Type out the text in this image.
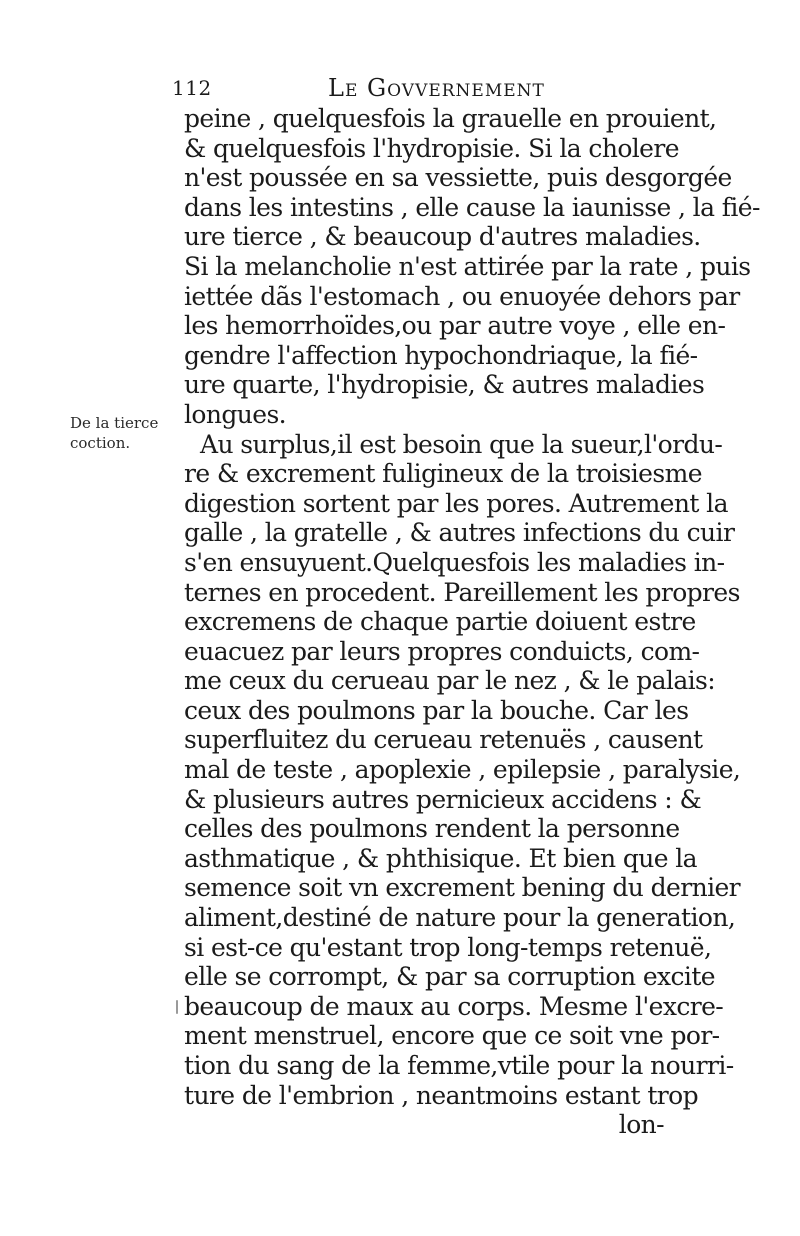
112	Le Govvernement
De la tierce
coction.
peine , quelquesfois la grauelle en prouient,
& quelquesfois l'hydropisie. Si la cholere
n'est poussée en sa vessiette, puis desgorgée
dans les intestins , elle cause la iaunisse , la fié-
ure tierce , & beaucoup d'autres maladies.
Si la melancholie n'est attirée par la rate , puis
iettée dãs l'estomach , ou enuoyée dehors par
les hemorrhoïdes,ou par autre voye , elle en-
gendre l'affection hypochondriaque, la fié-
ure quarte, l'hydropisie, & autres maladies
longues.
Au surplus,il est besoin que la sueur,l'ordu-
re & excrement fuligineux de la troisiesme
digestion sortent par les pores. Autrement la
galle , la gratelle , & autres infections du cuir
s'en ensuyuent.Quelquesfois les maladies in-
ternes en procedent. Pareillement les propres
excremens de chaque partie doiuent estre
euacuez par leurs propres conduicts, com-
me ceux du cerueau par le nez , & le palais:
ceux des poulmons par la bouche. Car les
superfluitez du cerueau retenuës , causent
mal de teste , apoplexie , epilepsie , paralysie,
& plusieurs autres pernicieux accidens : &
celles des poulmons rendent la personne
asthmatique , & phthisique. Et bien que la
semence soit vn excrement bening du dernier
aliment,destiné de nature pour la generation,
si est-ce qu'estant trop long-temps retenuë,
elle se corrompt, & par sa corruption excite
beaucoup de maux au corps. Mesme l'excre-
ment menstruel, encore que ce soit vne por-
tion du sang de la femme,vtile pour la nourri-
ture de l'embrion , neantmoins estant trop
lon-
